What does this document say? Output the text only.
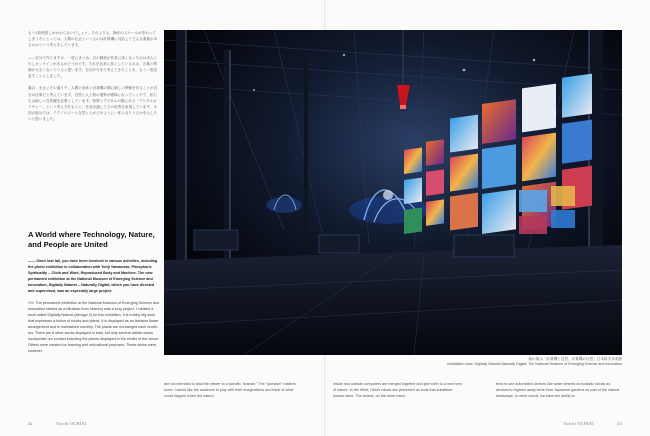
もう1枚程度しかかからないでしょう。それよりも、操作のスケールが変わってしまう方にとっては、人間の社会というものは計算機に対応してどんな要素があるのかという考えをしています。

――自分で作りますが、一度にまとめ、自の精度が非常に高くなったのは本人と少しオンラインがあるかどうかです。それを非常に高くしているのは、言葉と関係が大きくなっていると思います。自分が今まで考えてきたことを、もう一度見直すことにしました。

落合：まさにその通りで、人間の身体と計算機の間に新しい関係を作ることが自分の仕事だと考えています。自然と人工物の境界が曖昧になっていく中で、私たちは新しい自然観を必要としています。物質とデジタルの間にある「デジタルネイチャー」という考え方をもとに、作品を通してその世界を表現しています。今回の展示では、テクノロジーと自然と人がどのように一体となりうるかを示したいと思いました。

A World where Technology, Nature, and People are United

―― Since last fall, you have been involved in various activities, including the photo exhibition in collaboration with Yohji Yamamoto, Phosphoric Spirituality -- Cloth and Wind, Reproduced Body and Machine. The new permanent exhibition at the National Museum of Emerging Science and Innovation, Digitally Natural -- Naturally Digital, which you have directed and supervised, was an especially large project.

YO: The permanent exhibition at the National Museum of Emerging Science and Innovation started as a Miraikan from heaven) was a long project. I created a work called Digitally Natural (#image 3) for this exhibition. It is a fairly big work that expresses a fusion of robots and plants. It is displayed as an ikebana flower arrangement and is maintained monthly. The plants are exchanged each month too. There are 8 other works displayed in total, but only several artistic works incorporate our contact including the pieces displayed in the center of the venue. Others were created for learning and educational purposes. These works were, however,

船の展示「計算機と自然、計算機の自然」日本科学未来館
Installation view: Digitally Natural-Naturally Digital, The National Museum of Emerging Science and Innovation
are not intended to lead the viewer to a specific "answer." The "question" matters more. I would like the audience to play with their imaginations and think of what could happen when the nature,
inside and outside computers are merged together and give birth to a new form of nature. In the West, I think robots are perceived as tools that substitute human labor. The Asians, on the other hand,
tend to see automated devices like water wheels and plastic robots as devices to frighten away birds from Japanese gardens as part of the natural landscape. In other words, we have the ability to
42	Yoichi OCHIAI	Yoichi OCHIAI	43
